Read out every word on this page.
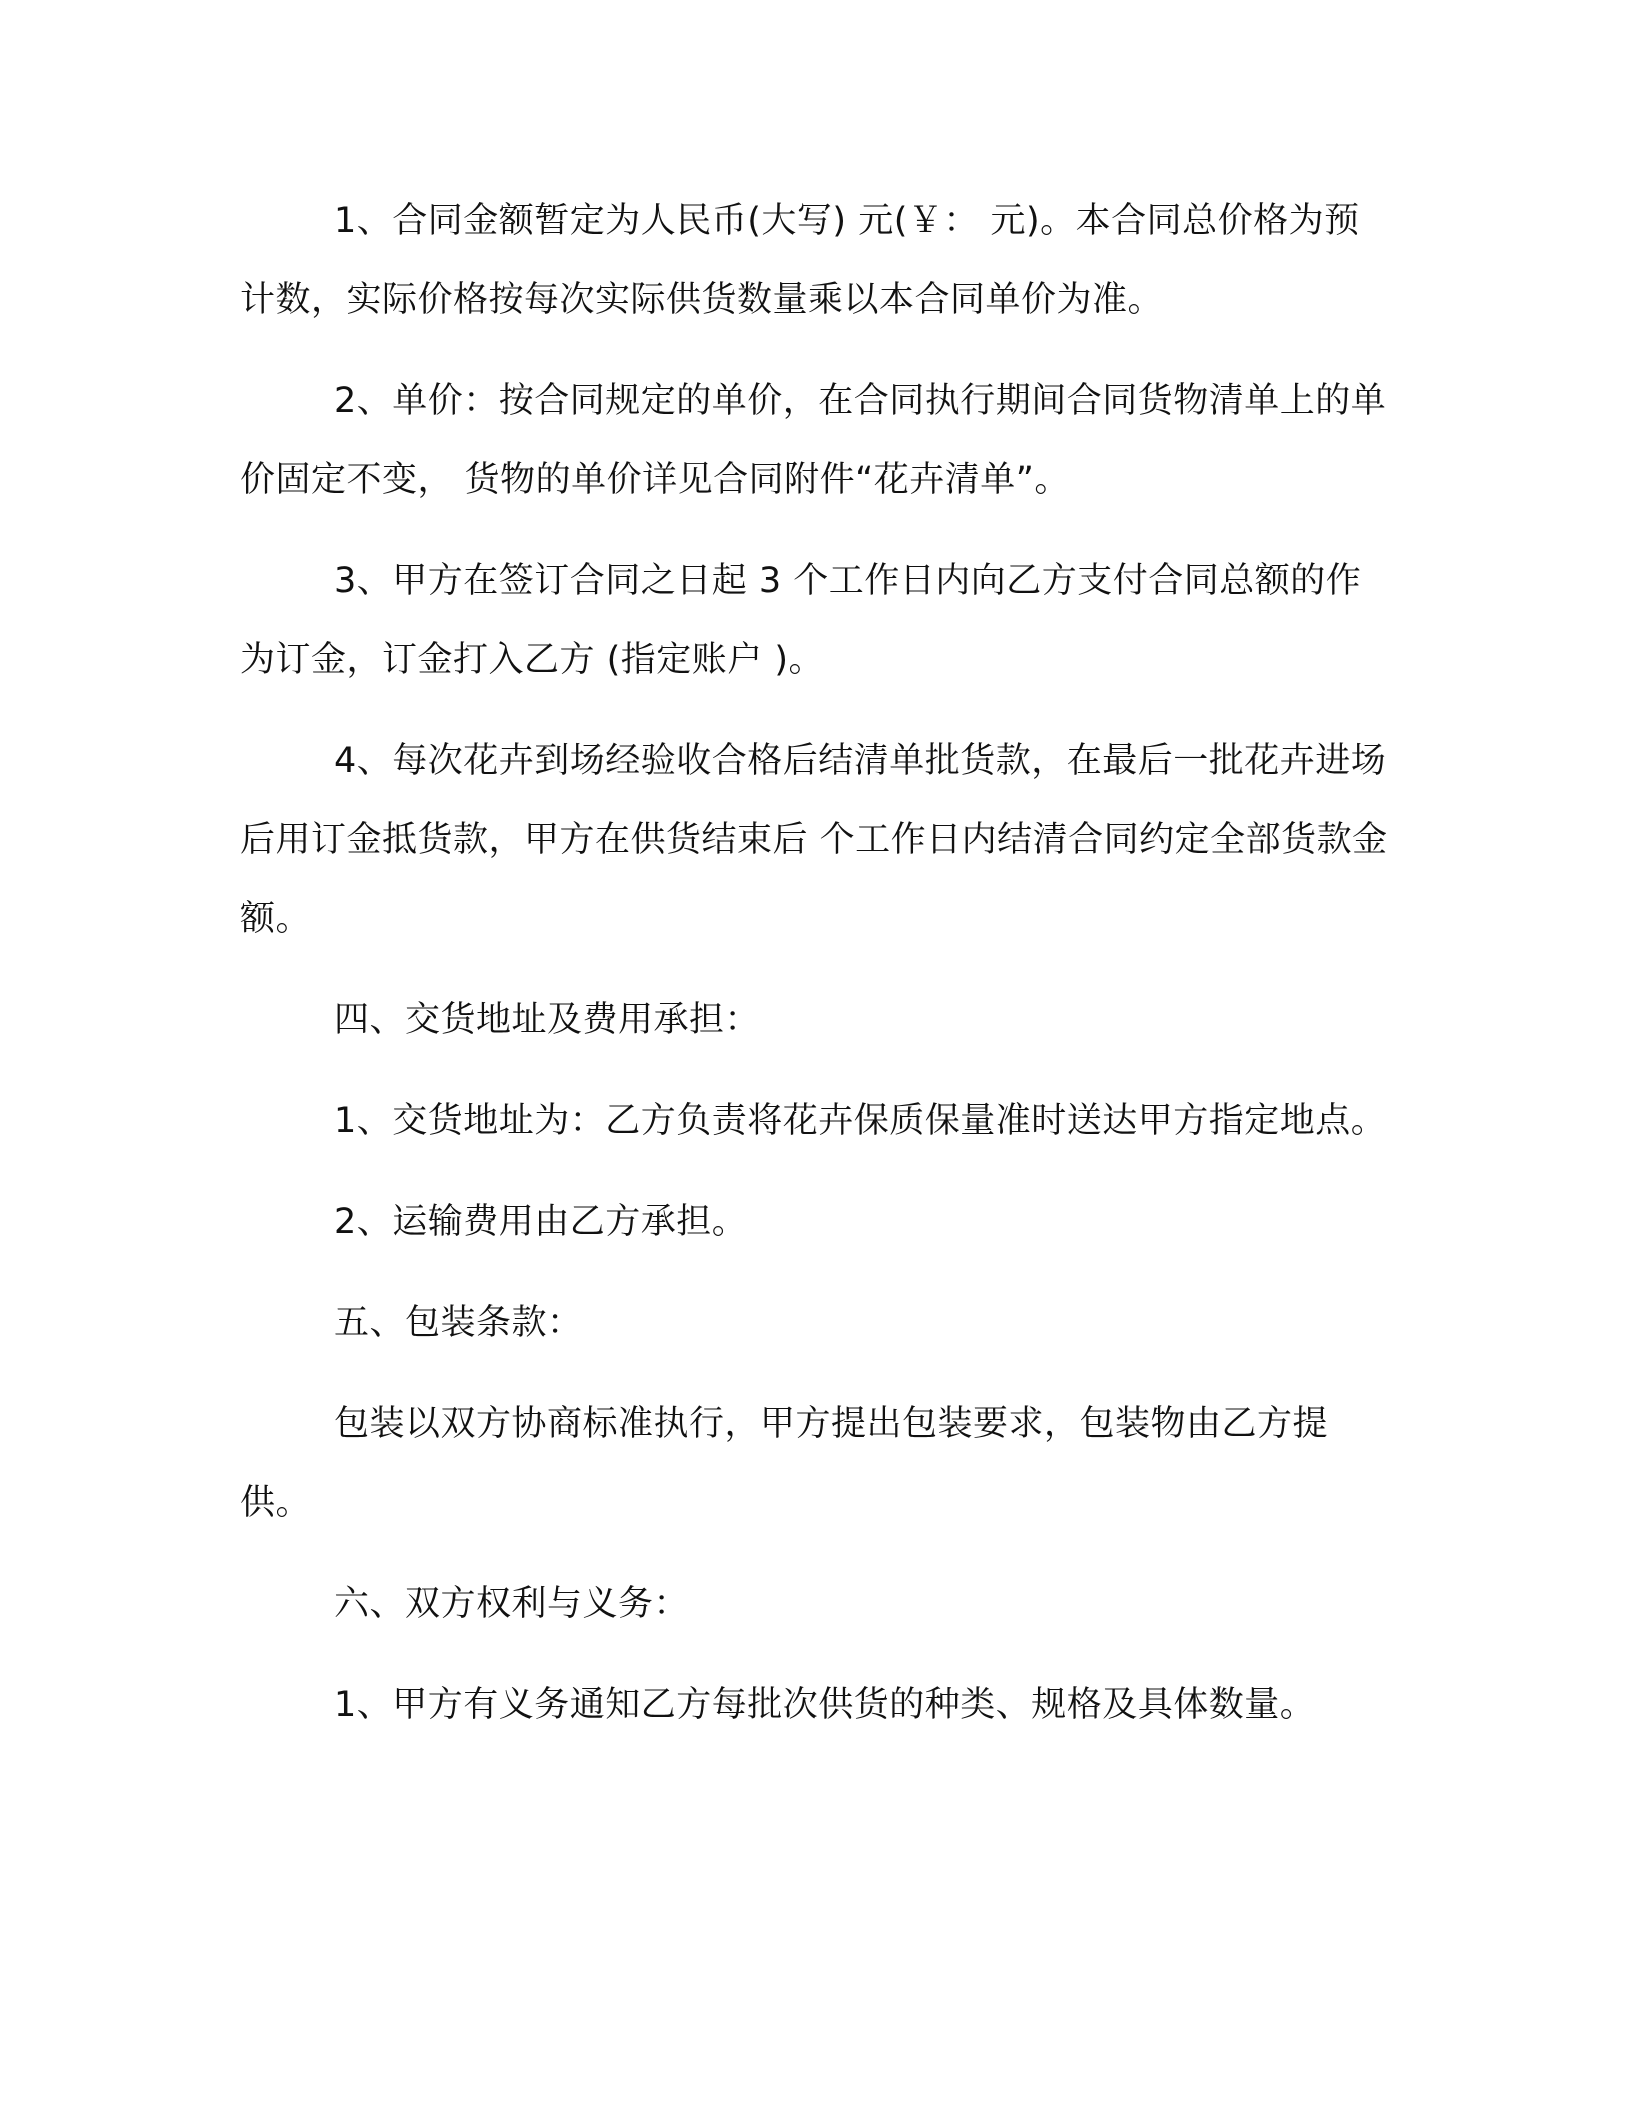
1、合同金额暂定为人民币(大写) 元(￥： 元)。本合同总价格为预计数，实际价格按每次实际供货数量乘以本合同单价为准。

2、单价：按合同规定的单价，在合同执行期间合同货物清单上的单价固定不变， 货物的单价详见合同附件“花卉清单”。

3、甲方在签订合同之日起 3 个工作日内向乙方支付合同总额的作为订金，订金打入乙方 (指定账户 )。

4、每次花卉到场经验收合格后结清单批货款，在最后一批花卉进场后用订金抵货款，甲方在供货结束后 个工作日内结清合同约定全部货款金额。

四、交货地址及费用承担：

1、交货地址为：乙方负责将花卉保质保量准时送达甲方指定地点。

2、运输费用由乙方承担。

五、包装条款：

包装以双方协商标准执行，甲方提出包装要求，包装物由乙方提供。

六、双方权利与义务：

1、甲方有义务通知乙方每批次供货的种类、规格及具体数量。
